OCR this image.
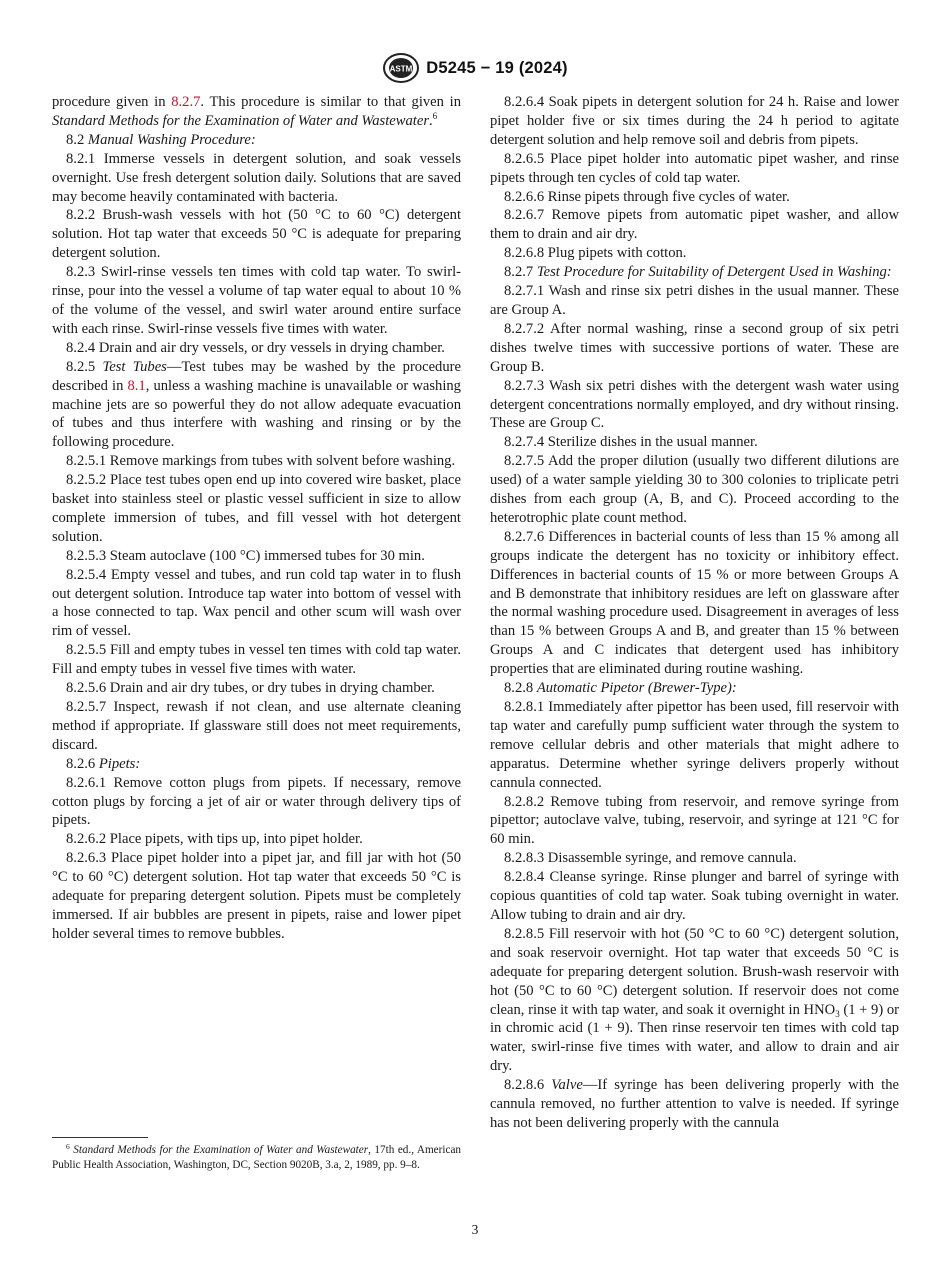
ASTM D5245 − 19 (2024)

procedure given in 8.2.7. This procedure is similar to that given in Standard Methods for the Examination of Water and Wastewater.$^6$

8.2 Manual Washing Procedure:

8.2.1 Immerse vessels in detergent solution, and soak vessels overnight. Use fresh detergent solution daily. Solutions that are saved may become heavily contaminated with bacteria.

8.2.2 Brush-wash vessels with hot (50 °C to 60 °C) detergent solution. Hot tap water that exceeds 50 °C is adequate for preparing detergent solution.

8.2.3 Swirl-rinse vessels ten times with cold tap water. To swirl-rinse, pour into the vessel a volume of tap water equal to about 10 % of the volume of the vessel, and swirl water around entire surface with each rinse. Swirl-rinse vessels five times with water.

8.2.4 Drain and air dry vessels, or dry vessels in drying chamber.

8.2.5 Test Tubes—Test tubes may be washed by the procedure described in 8.1, unless a washing machine is unavailable or washing machine jets are so powerful they do not allow adequate evacuation of tubes and thus interfere with washing and rinsing or by the following procedure.

8.2.5.1 Remove markings from tubes with solvent before washing.

8.2.5.2 Place test tubes open end up into covered wire basket, place basket into stainless steel or plastic vessel sufficient in size to allow complete immersion of tubes, and fill vessel with hot detergent solution.

8.2.5.3 Steam autoclave (100 °C) immersed tubes for 30 min.

8.2.5.4 Empty vessel and tubes, and run cold tap water in to flush out detergent solution. Introduce tap water into bottom of vessel with a hose connected to tap. Wax pencil and other scum will wash over rim of vessel.

8.2.5.5 Fill and empty tubes in vessel ten times with cold tap water. Fill and empty tubes in vessel five times with water.

8.2.5.6 Drain and air dry tubes, or dry tubes in drying chamber.

8.2.5.7 Inspect, rewash if not clean, and use alternate cleaning method if appropriate. If glassware still does not meet requirements, discard.

8.2.6 Pipets:

8.2.6.1 Remove cotton plugs from pipets. If necessary, remove cotton plugs by forcing a jet of air or water through delivery tips of pipets.

8.2.6.2 Place pipets, with tips up, into pipet holder.

8.2.6.3 Place pipet holder into a pipet jar, and fill jar with hot (50 °C to 60 °C) detergent solution. Hot tap water that exceeds 50 °C is adequate for preparing detergent solution. Pipets must be completely immersed. If air bubbles are present in pipets, raise and lower pipet holder several times to remove bubbles.

8.2.6.4 Soak pipets in detergent solution for 24 h. Raise and lower pipet holder five or six times during the 24 h period to agitate detergent solution and help remove soil and debris from pipets.

8.2.6.5 Place pipet holder into automatic pipet washer, and rinse pipets through ten cycles of cold tap water.

8.2.6.6 Rinse pipets through five cycles of water.

8.2.6.7 Remove pipets from automatic pipet washer, and allow them to drain and air dry.

8.2.6.8 Plug pipets with cotton.

8.2.7 Test Procedure for Suitability of Detergent Used in Washing:

8.2.7.1 Wash and rinse six petri dishes in the usual manner. These are Group A.

8.2.7.2 After normal washing, rinse a second group of six petri dishes twelve times with successive portions of water. These are Group B.

8.2.7.3 Wash six petri dishes with the detergent wash water using detergent concentrations normally employed, and dry without rinsing. These are Group C.

8.2.7.4 Sterilize dishes in the usual manner.

8.2.7.5 Add the proper dilution (usually two different dilutions are used) of a water sample yielding 30 to 300 colonies to triplicate petri dishes from each group (A, B, and C). Proceed according to the heterotrophic plate count method.

8.2.7.6 Differences in bacterial counts of less than 15 % among all groups indicate the detergent has no toxicity or inhibitory effect. Differences in bacterial counts of 15 % or more between Groups A and B demonstrate that inhibitory residues are left on glassware after the normal washing procedure used. Disagreement in averages of less than 15 % between Groups A and B, and greater than 15 % between Groups A and C indicates that detergent used has inhibitory properties that are eliminated during routine washing.

8.2.8 Automatic Pipetor (Brewer-Type):

8.2.8.1 Immediately after pipettor has been used, fill reservoir with tap water and carefully pump sufficient water through the system to remove cellular debris and other materials that might adhere to apparatus. Determine whether syringe delivers properly without cannula connected.

8.2.8.2 Remove tubing from reservoir, and remove syringe from pipettor; autoclave valve, tubing, reservoir, and syringe at 121 °C for 60 min.

8.2.8.3 Disassemble syringe, and remove cannula.

8.2.8.4 Cleanse syringe. Rinse plunger and barrel of syringe with copious quantities of cold tap water. Soak tubing overnight in water. Allow tubing to drain and air dry.

8.2.8.5 Fill reservoir with hot (50 °C to 60 °C) detergent solution, and soak reservoir overnight. Hot tap water that exceeds 50 °C is adequate for preparing detergent solution. Brush-wash reservoir with hot (50 °C to 60 °C) detergent solution. If reservoir does not come clean, rinse it with tap water, and soak it overnight in $HNO_3$ (1 + 9) or in chromic acid (1 + 9). Then rinse reservoir ten times with cold tap water, swirl-rinse five times with water, and allow to drain and air dry.

8.2.8.6 Valve—If syringe has been delivering properly with the cannula removed, no further attention to valve is needed. If syringe has not been delivering properly with the cannula

$^6$ Standard Methods for the Examination of Water and Wastewater, 17th ed., American Public Health Association, Washington, DC, Section 9020B, 3.a, 2, 1989, pp. 9–8.
3
